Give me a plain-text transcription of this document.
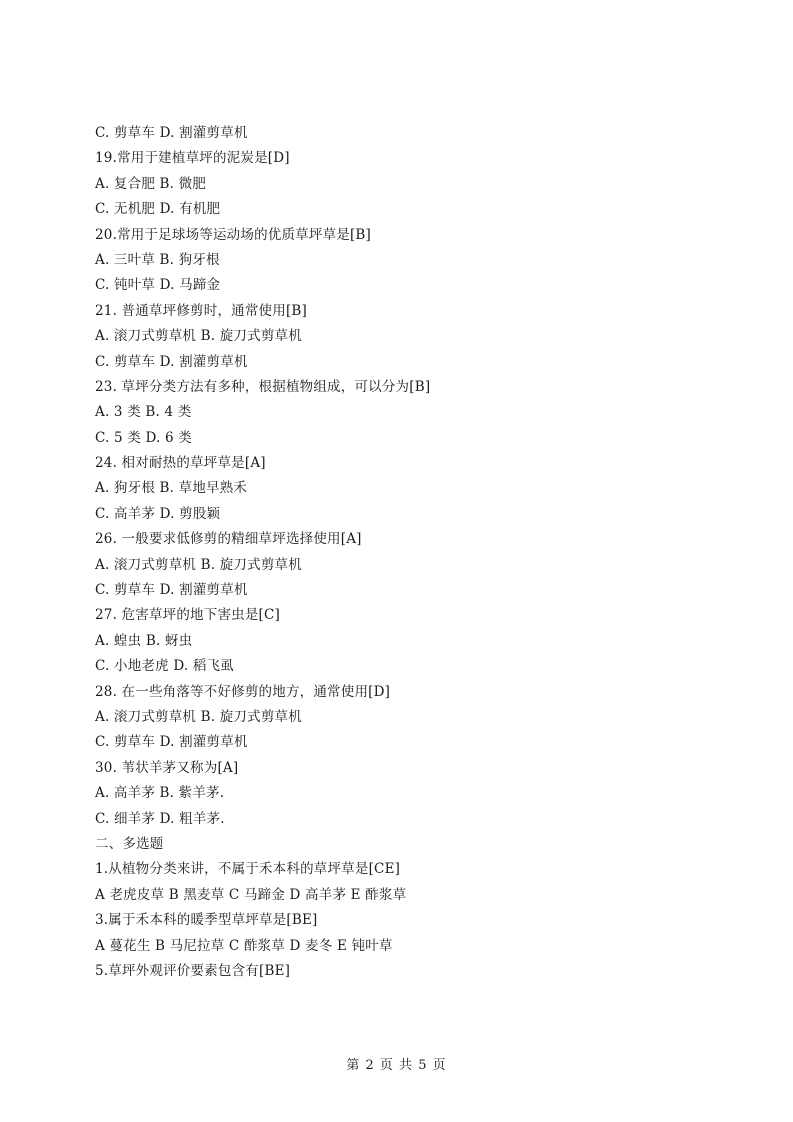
C. 剪草车 D. 割灌剪草机
19.常用于建植草坪的泥炭是[D]
A. 复合肥 B. 微肥
C. 无机肥 D. 有机肥
20.常用于足球场等运动场的优质草坪草是[B]
A. 三叶草 B. 狗牙根
C. 钝叶草 D. 马蹄金
21. 普通草坪修剪时，通常使用[B]
A. 滚刀式剪草机 B. 旋刀式剪草机
C. 剪草车 D. 割灌剪草机
23. 草坪分类方法有多种，根据植物组成，可以分为[B]
A. 3 类 B. 4 类
C. 5 类 D. 6 类
24. 相对耐热的草坪草是[A]
A. 狗牙根 B. 草地早熟禾
C. 高羊茅 D. 剪股颖
26. 一般要求低修剪的精细草坪选择使用[A]
A. 滚刀式剪草机 B. 旋刀式剪草机
C. 剪草车 D. 割灌剪草机
27. 危害草坪的地下害虫是[C]
A. 蝗虫 B. 蚜虫
C. 小地老虎 D. 稻飞虱
28. 在一些角落等不好修剪的地方，通常使用[D]
A. 滚刀式剪草机 B. 旋刀式剪草机
C. 剪草车 D. 割灌剪草机
30. 苇状羊茅又称为[A]
A. 高羊茅 B. 紫羊茅.
C. 细羊茅 D. 粗羊茅.
二、多选题
1.从植物分类来讲，不属于禾本科的草坪草是[CE]
A 老虎皮草 B 黑麦草 C 马蹄金 D 高羊茅 E 酢浆草
3.属于禾本科的暖季型草坪草是[BE]
A 蔓花生 B 马尼拉草 C 酢浆草 D 麦冬 E 钝叶草
5.草坪外观评价要素包含有[BE]
第 2 页 共 5 页
